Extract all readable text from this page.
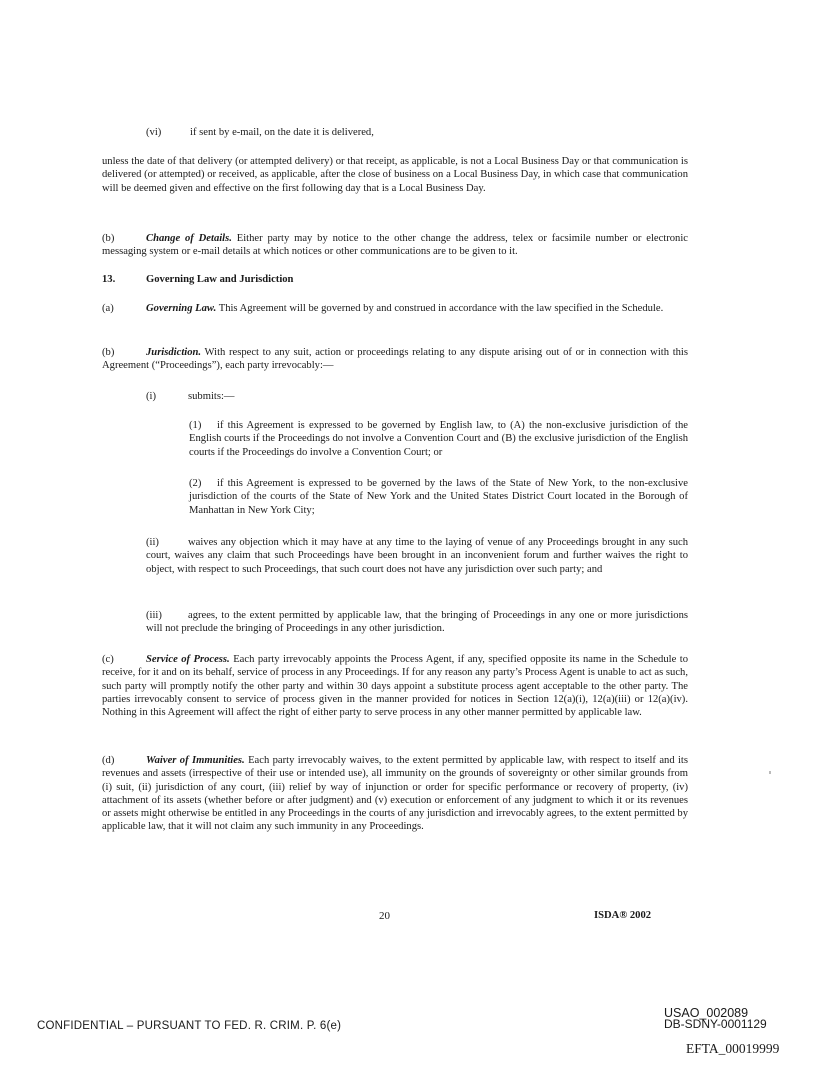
(vi)	if sent by e-mail, on the date it is delivered,
unless the date of that delivery (or attempted delivery) or that receipt, as applicable, is not a Local Business Day or that communication is delivered (or attempted) or received, as applicable, after the close of business on a Local Business Day, in which case that communication will be deemed given and effective on the first following day that is a Local Business Day.
(b)	Change of Details. Either party may by notice to the other change the address, telex or facsimile number or electronic messaging system or e-mail details at which notices or other communications are to be given to it.
13.	Governing Law and Jurisdiction
(a)	Governing Law. This Agreement will be governed by and construed in accordance with the law specified in the Schedule.
(b)	Jurisdiction. With respect to any suit, action or proceedings relating to any dispute arising out of or in connection with this Agreement (“Proceedings”), each party irrevocably:—
(i)	submits:—
(1) if this Agreement is expressed to be governed by English law, to (A) the non-exclusive jurisdiction of the English courts if the Proceedings do not involve a Convention Court and (B) the exclusive jurisdiction of the English courts if the Proceedings do involve a Convention Court; or
(2) if this Agreement is expressed to be governed by the laws of the State of New York, to the non-exclusive jurisdiction of the courts of the State of New York and the United States District Court located in the Borough of Manhattan in New York City;
(ii)	waives any objection which it may have at any time to the laying of venue of any Proceedings brought in any such court, waives any claim that such Proceedings have been brought in an inconvenient forum and further waives the right to object, with respect to such Proceedings, that such court does not have any jurisdiction over such party; and
(iii) agrees, to the extent permitted by applicable law, that the bringing of Proceedings in any one or more jurisdictions will not preclude the bringing of Proceedings in any other jurisdiction.
(c)	Service of Process. Each party irrevocably appoints the Process Agent, if any, specified opposite its name in the Schedule to receive, for it and on its behalf, service of process in any Proceedings. If for any reason any party’s Process Agent is unable to act as such, such party will promptly notify the other party and within 30 days appoint a substitute process agent acceptable to the other party. The parties irrevocably consent to service of process given in the manner provided for notices in Section 12(a)(i), 12(a)(iii) or 12(a)(iv). Nothing in this Agreement will affect the right of either party to serve process in any other manner permitted by applicable law.
(d)	Waiver of Immunities. Each party irrevocably waives, to the extent permitted by applicable law, with respect to itself and its revenues and assets (irrespective of their use or intended use), all immunity on the grounds of sovereignty or other similar grounds from (i) suit, (ii) jurisdiction of any court, (iii) relief by way of injunction or order for specific performance or recovery of property, (iv) attachment of its assets (whether before or after judgment) and (v) execution or enforcement of any judgment to which it or its revenues or assets might otherwise be entitled in any Proceedings in the courts of any jurisdiction and irrevocably agrees, to the extent permitted by applicable law, that it will not claim any such immunity in any Proceedings.
20	ISDA® 2002
CONFIDENTIAL – PURSUANT TO FED. R. CRIM. P. 6(e)
USAO_002089
DB-SDNY-0001129
EFTA_00019999
